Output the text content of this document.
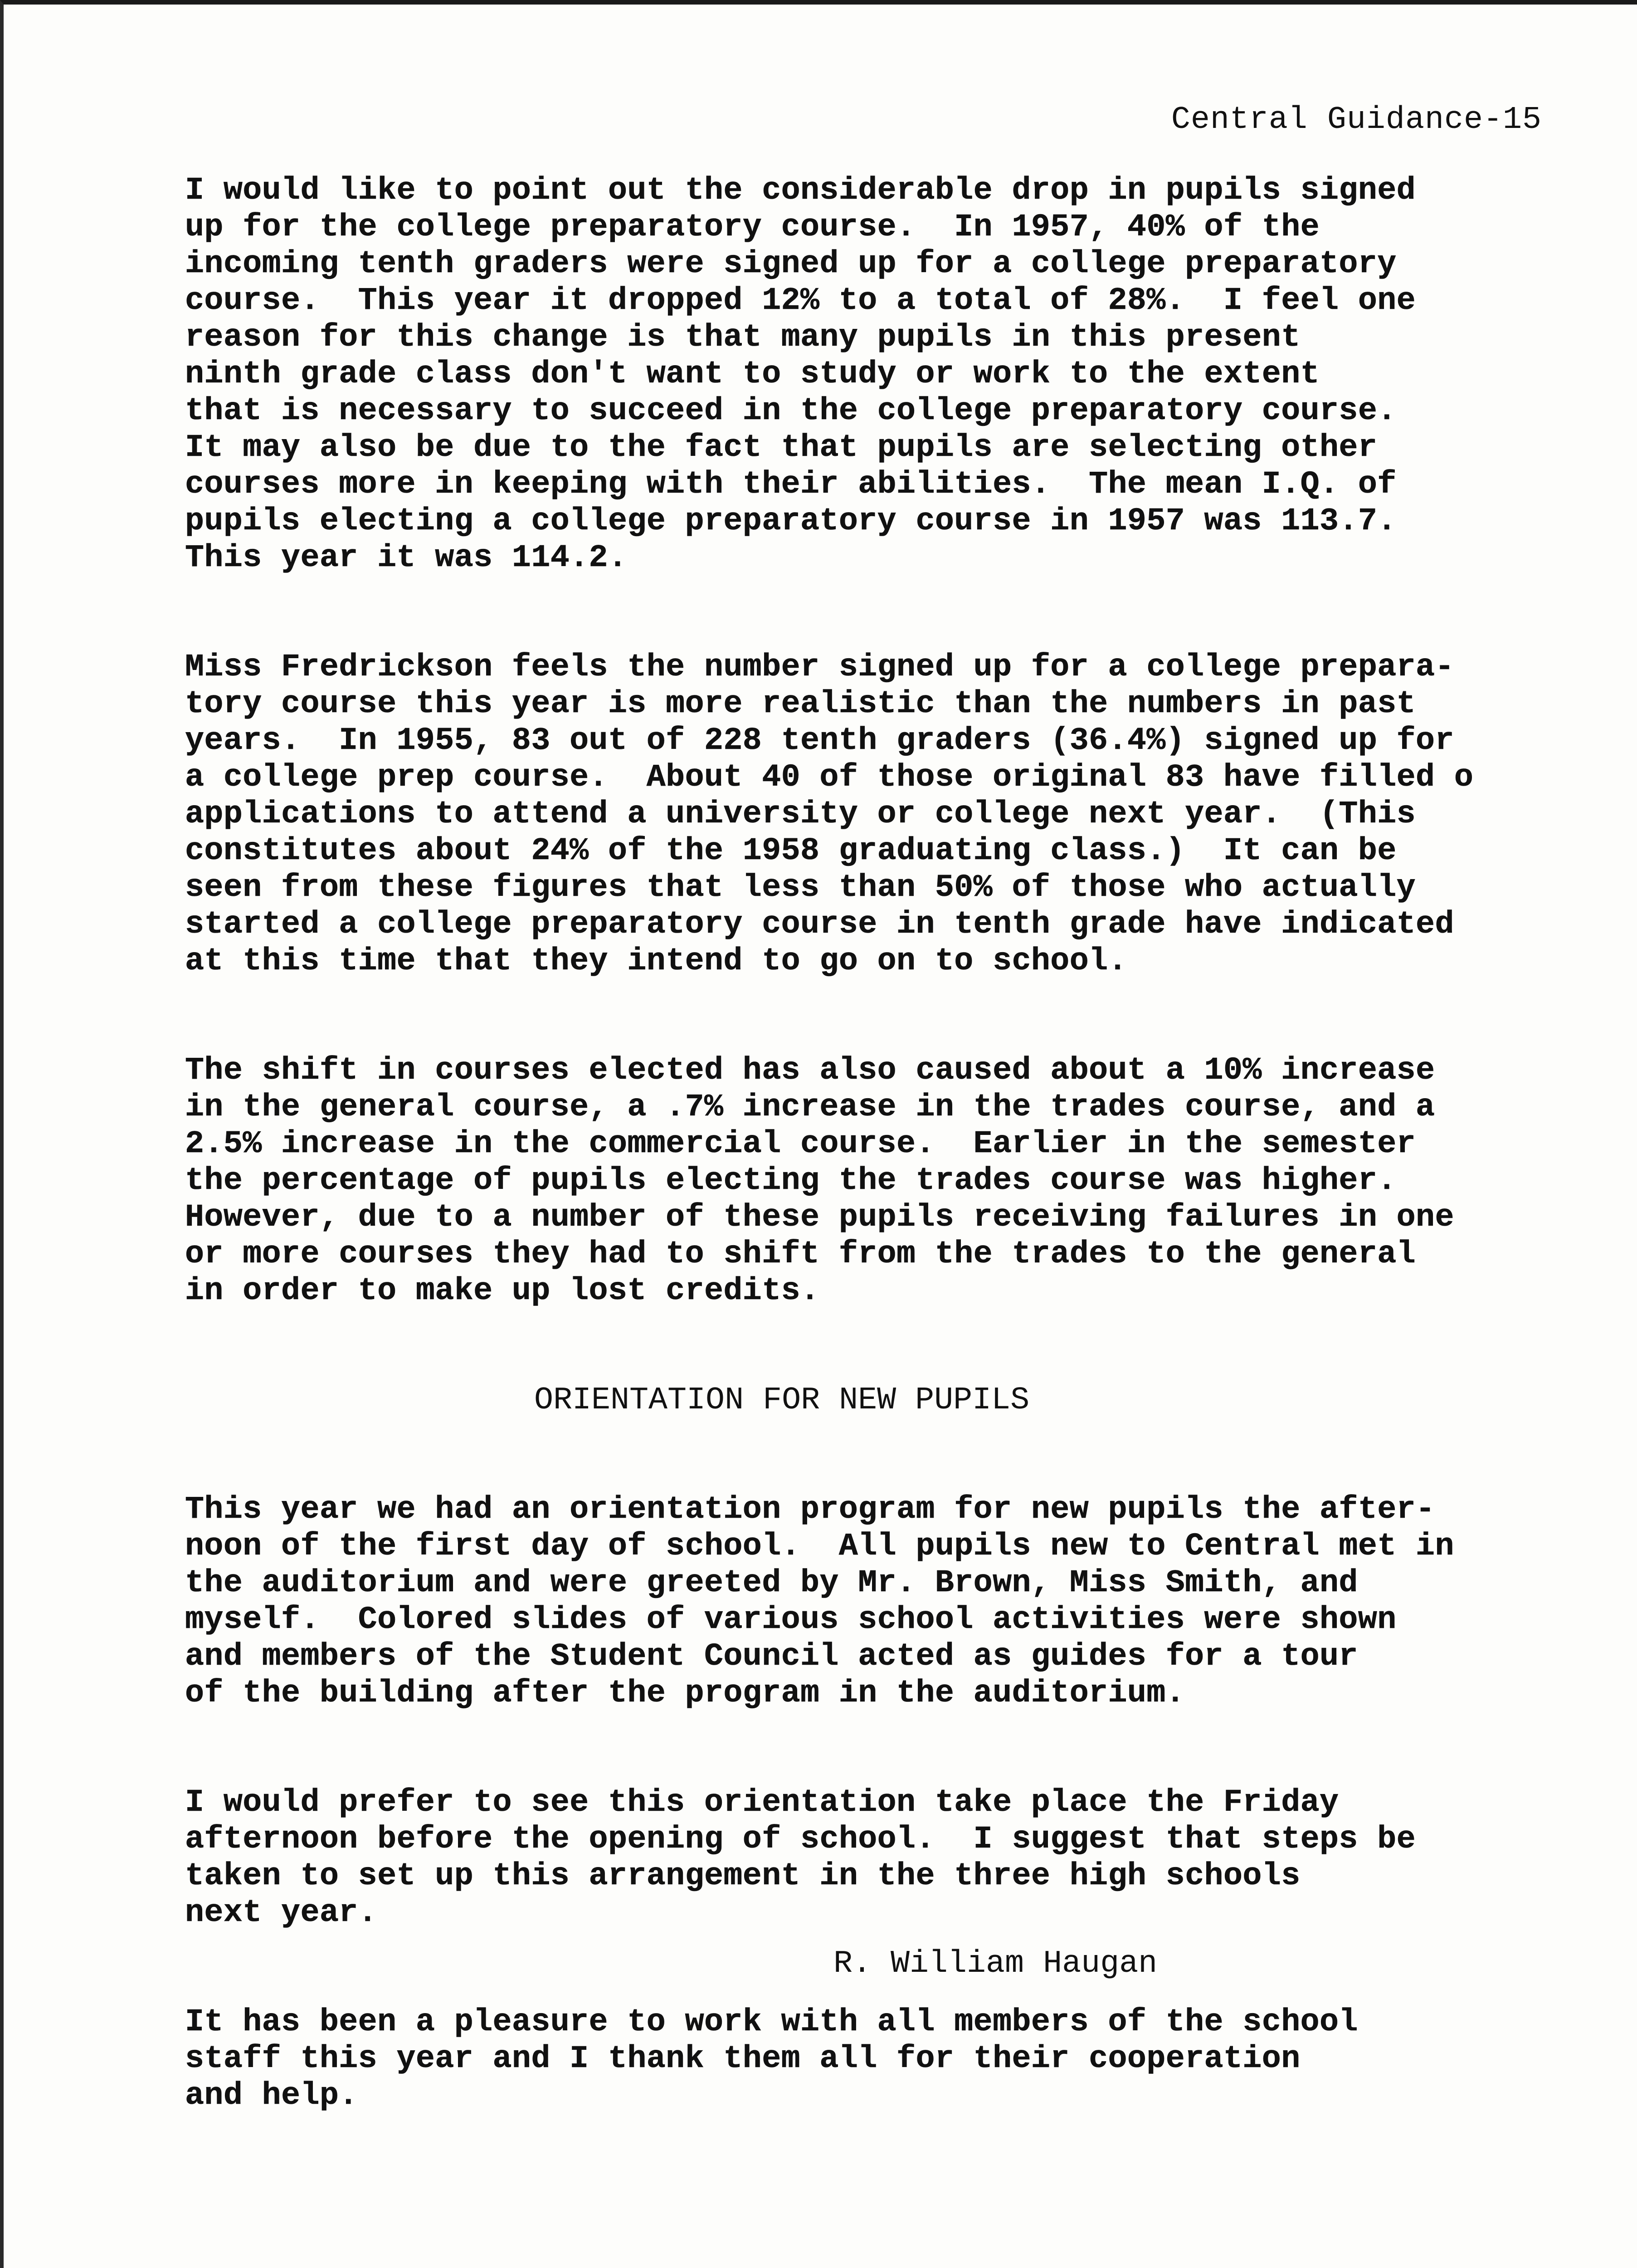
Central Guidance-15
I would like to point out the considerable drop in pupils signed
up for the college preparatory course.  In 1957, 40% of the
incoming tenth graders were signed up for a college preparatory
course.  This year it dropped 12% to a total of 28%.  I feel one
reason for this change is that many pupils in this present
ninth grade class don't want to study or work to the extent
that is necessary to succeed in the college preparatory course.
It may also be due to the fact that pupils are selecting other
courses more in keeping with their abilities.  The mean I.Q. of
pupils electing a college preparatory course in 1957 was 113.7.
This year it was 114.2.
Miss Fredrickson feels the number signed up for a college prepara-
tory course this year is more realistic than the numbers in past
years.  In 1955, 83 out of 228 tenth graders (36.4%) signed up for
a college prep course.  About 40 of those original 83 have filled o
applications to attend a university or college next year.  (This
constitutes about 24% of the 1958 graduating class.)  It can be
seen from these figures that less than 50% of those who actually
started a college preparatory course in tenth grade have indicated
at this time that they intend to go on to school.
The shift in courses elected has also caused about a 10% increase
in the general course, a .7% increase in the trades course, and a
2.5% increase in the commercial course.  Earlier in the semester
the percentage of pupils electing the trades course was higher.
However, due to a number of these pupils receiving failures in one
or more courses they had to shift from the trades to the general
in order to make up lost credits.
ORIENTATION FOR NEW PUPILS
This year we had an orientation program for new pupils the after-
noon of the first day of school.  All pupils new to Central met in
the auditorium and were greeted by Mr. Brown, Miss Smith, and
myself.  Colored slides of various school activities were shown
and members of the Student Council acted as guides for a tour
of the building after the program in the auditorium.
I would prefer to see this orientation take place the Friday
afternoon before the opening of school.  I suggest that steps be
taken to set up this arrangement in the three high schools
next year.
It has been a pleasure to work with all members of the school
staff this year and I thank them all for their cooperation
and help.
R. William Haugan
